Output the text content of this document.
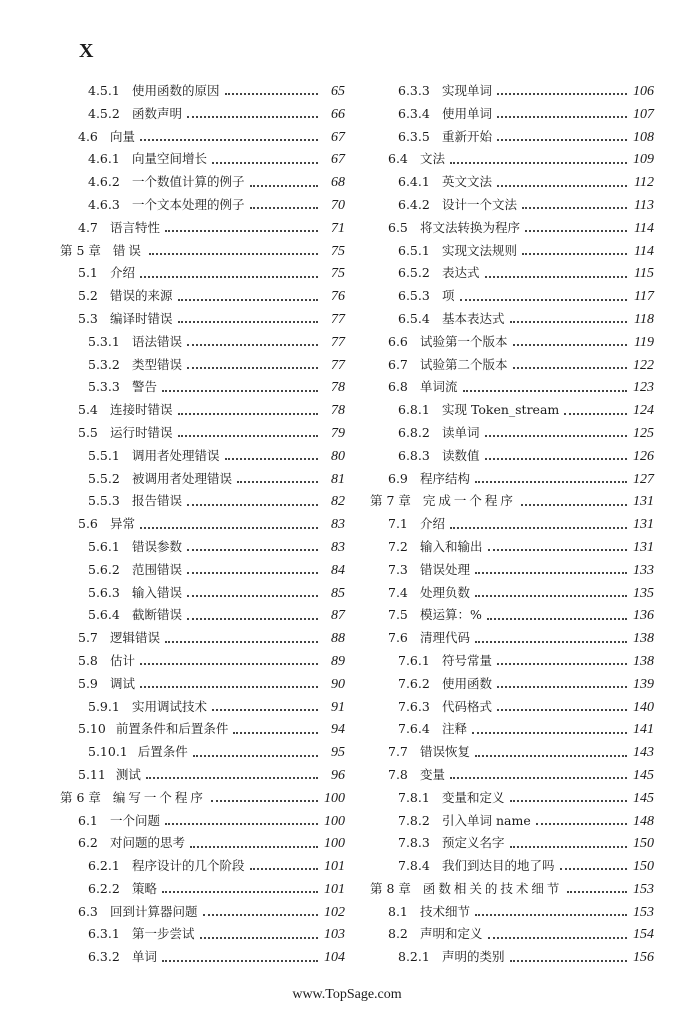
X
4.5.1 使用函数的原因	65
4.5.2 函数声明	66
4.6 向量	67
4.6.1 向量空间增长	67
4.6.2 一个数值计算的例子	68
4.6.3 一个文本处理的例子	70
4.7 语言特性	71
第 5 章 错误	75
5.1 介绍	75
5.2 错误的来源	76
5.3 编译时错误	77
5.3.1 语法错误	77
5.3.2 类型错误	77
5.3.3 警告	78
5.4 连接时错误	78
5.5 运行时错误	79
5.5.1 调用者处理错误	80
5.5.2 被调用者处理错误	81
5.5.3 报告错误	82
5.6 异常	83
5.6.1 错误参数	83
5.6.2 范围错误	84
5.6.3 输入错误	85
5.6.4 截断错误	87
5.7 逻辑错误	88
5.8 估计	89
5.9 调试	90
5.9.1 实用调试技术	91
5.10 前置条件和后置条件	94
5.10.1 后置条件	95
5.11 测试	96
第 6 章 编写一个程序	100
6.1 一个问题	100
6.2 对问题的思考	100
6.2.1 程序设计的几个阶段	101
6.2.2 策略	101
6.3 回到计算器问题	102
6.3.1 第一步尝试	103
6.3.2 单词	104
6.3.3 实现单词	106
6.3.4 使用单词	107
6.3.5 重新开始	108
6.4 文法	109
6.4.1 英文文法	112
6.4.2 设计一个文法	113
6.5 将文法转换为程序	114
6.5.1 实现文法规则	114
6.5.2 表达式	115
6.5.3 项	117
6.5.4 基本表达式	118
6.6 试验第一个版本	119
6.7 试验第二个版本	122
6.8 单词流	123
6.8.1 实现 Token_stream	124
6.8.2 读单词	125
6.8.3 读数值	126
6.9 程序结构	127
第 7 章 完成一个程序	131
7.1 介绍	131
7.2 输入和输出	131
7.3 错误处理	133
7.4 处理负数	135
7.5 模运算：%	136
7.6 清理代码	138
7.6.1 符号常量	138
7.6.2 使用函数	139
7.6.3 代码格式	140
7.6.4 注释	141
7.7 错误恢复	143
7.8 变量	145
7.8.1 变量和定义	145
7.8.2 引入单词 name	148
7.8.3 预定义名字	150
7.8.4 我们到达目的地了吗	150
第 8 章 函数相关的技术细节	153
8.1 技术细节	153
8.2 声明和定义	154
8.2.1 声明的类别	156
www.TopSage.com
